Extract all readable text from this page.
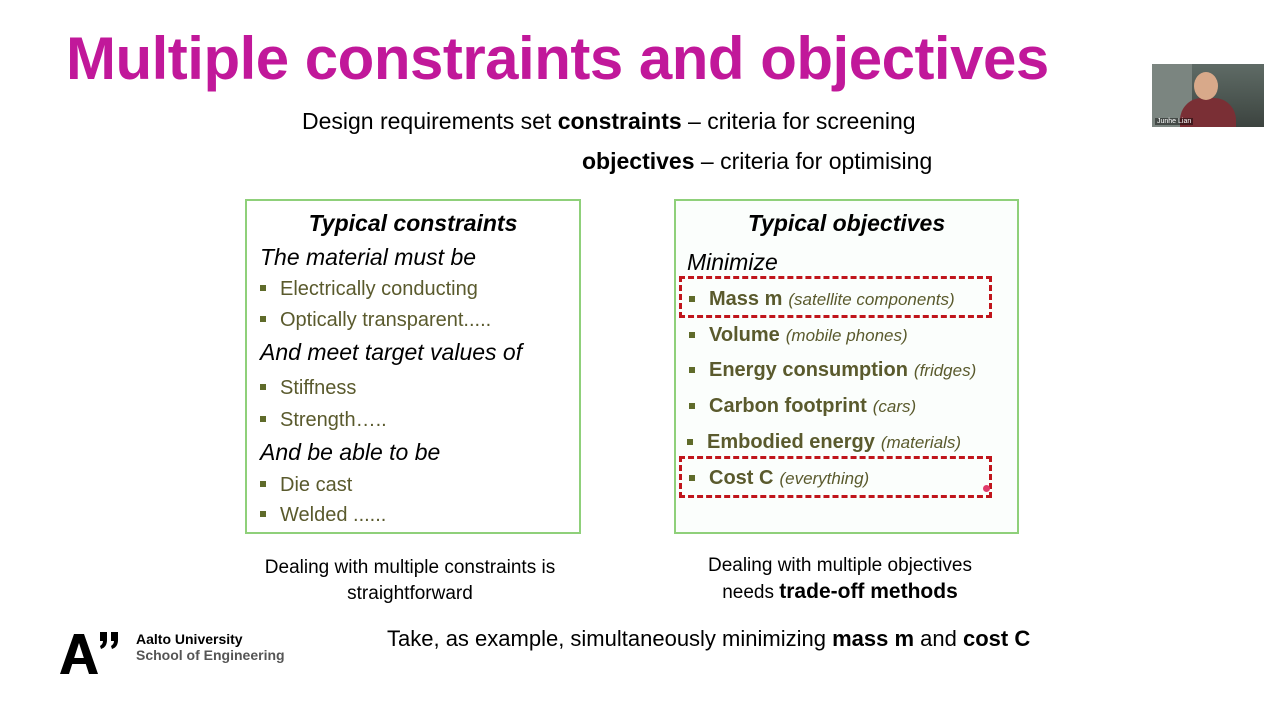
Multiple constraints and objectives
Design requirements set constraints – criteria for screening
objectives – criteria for optimising
Typical constraints
The material must be
Electrically conducting
Optically transparent.....
And meet target values of
Stiffness
Strength…..
And be able to be
Die cast
Welded ......
Typical objectives
Minimize
Mass m (satellite components)
Volume (mobile phones)
Energy consumption (fridges)
Carbon footprint (cars)
Embodied energy (materials)
Cost C (everything)
Dealing with multiple constraints is
straightforward
Dealing with multiple objectives
needs trade-off methods
Take, as example, simultaneously minimizing mass m and cost C
Aalto University
School of Engineering
Junhe Lian
